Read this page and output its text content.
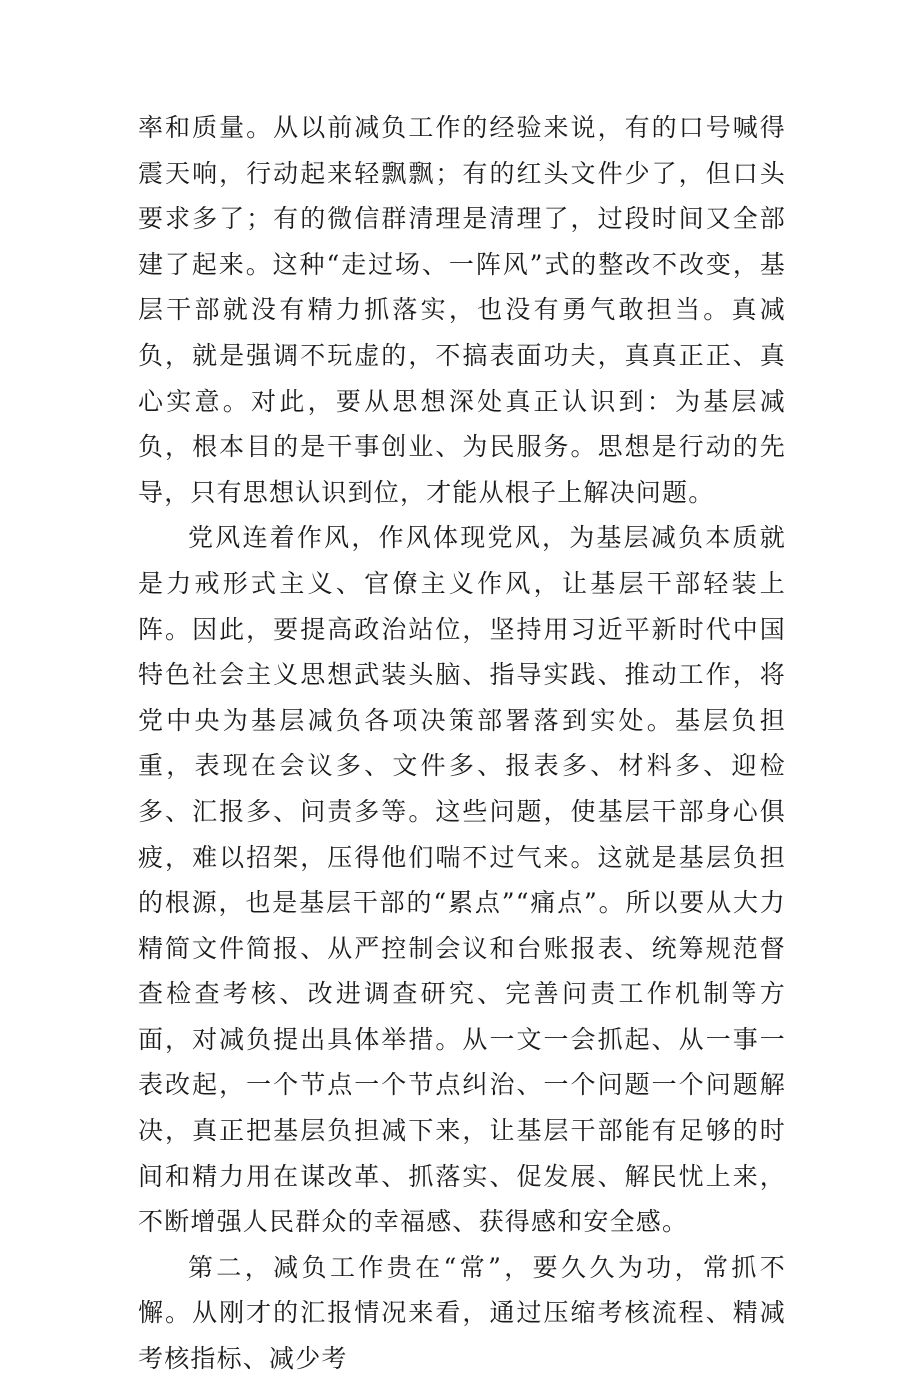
率和质量。从以前减负工作的经验来说，有的口号喊得震天响，行动起来轻飘飘；有的红头文件少了，但口头要求多了；有的微信群清理是清理了，过段时间又全部建了起来。这种“走过场、一阵风”式的整改不改变，基层干部就没有精力抓落实，也没有勇气敢担当。真减负，就是强调不玩虚的，不搞表面功夫，真真正正、真心实意。对此，要从思想深处真正认识到：为基层减负，根本目的是干事创业、为民服务。思想是行动的先导，只有思想认识到位，才能从根子上解决问题。

党风连着作风，作风体现党风，为基层减负本质就是力戒形式主义、官僚主义作风，让基层干部轻装上阵。因此，要提高政治站位，坚持用习近平新时代中国特色社会主义思想武装头脑、指导实践、推动工作，将党中央为基层减负各项决策部署落到实处。基层负担重，表现在会议多、文件多、报表多、材料多、迎检多、汇报多、问责多等。这些问题，使基层干部身心俱疲，难以招架，压得他们喘不过气来。这就是基层负担的根源，也是基层干部的“累点”“痛点”。所以要从大力精简文件简报、从严控制会议和台账报表、统筹规范督查检查考核、改进调查研究、完善问责工作机制等方面，对减负提出具体举措。从一文一会抓起、从一事一表改起，一个节点一个节点纠治、一个问题一个问题解决，真正把基层负担减下来，让基层干部能有足够的时间和精力用在谋改革、抓落实、促发展、解民忧上来，不断增强人民群众的幸福感、获得感和安全感。

第二，减负工作贵在“常”，要久久为功，常抓不懈。从刚才的汇报情况来看，通过压缩考核流程、精减考核指标、减少考
